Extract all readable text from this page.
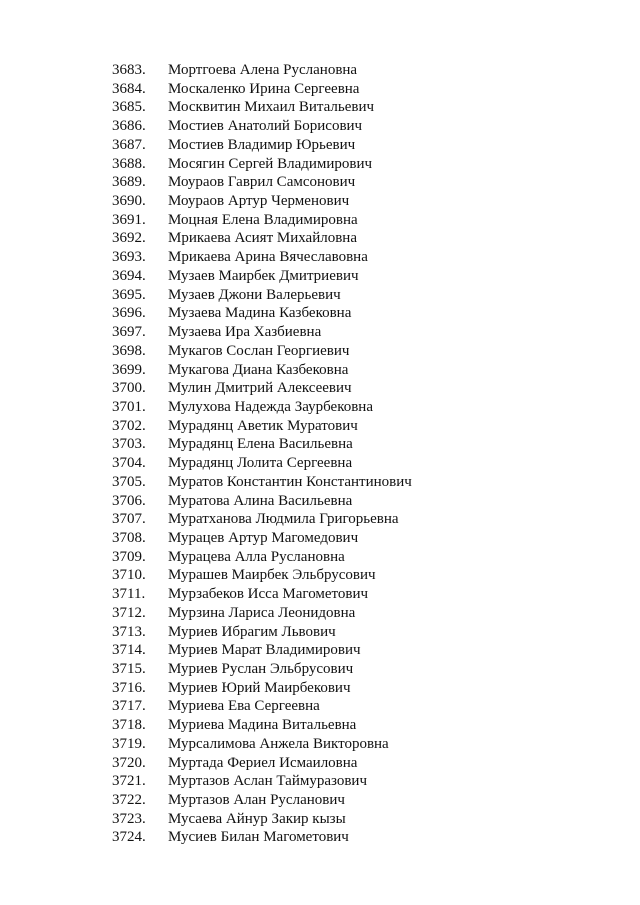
3683. Мортгоева Алена Руслановна
3684. Москаленко Ирина Сергеевна
3685. Москвитин Михаил Витальевич
3686. Мостиев Анатолий Борисович
3687. Мостиев Владимир Юрьевич
3688. Мосягин Сергей Владимирович
3689. Моураов Гаврил Самсонович
3690. Моураов Артур Черменович
3691. Моцная Елена Владимировна
3692. Мрикаева Асият Михайловна
3693. Мрикаева Арина Вячеславовна
3694. Музаев Маирбек Дмитриевич
3695. Музаев Джони Валерьевич
3696. Музаева Мадина Казбековна
3697. Музаева Ира Хазбиевна
3698. Мукагов Сослан Георгиевич
3699. Мукагова Диана Казбековна
3700. Мулин Дмитрий Алексеевич
3701. Мулухова Надежда Заурбековна
3702. Мурадянц Аветик Муратович
3703. Мурадянц Елена Васильевна
3704. Мурадянц Лолита Сергеевна
3705. Муратов Константин Константинович
3706. Муратова Алина Васильевна
3707. Муратханова Людмила Григорьевна
3708. Мурацев Артур Магомедович
3709. Мурацева Алла Руслановна
3710. Мурашев Маирбек Эльбрусович
3711. Мурзабеков Исса Магометович
3712. Мурзина Лариса Леонидовна
3713. Муриев Ибрагим Львович
3714. Муриев Марат Владимирович
3715. Муриев Руслан Эльбрусович
3716. Муриев Юрий Маирбекович
3717. Муриева Ева Сергеевна
3718. Муриева Мадина Витальевна
3719. Мурсалимова Анжела Викторовна
3720. Муртада Фериел Исмаиловна
3721. Муртазов Аслан Таймуразович
3722. Муртазов Алан Русланович
3723. Мусаева Айнур Закир кызы
3724. Мусиев Билан Магометович
